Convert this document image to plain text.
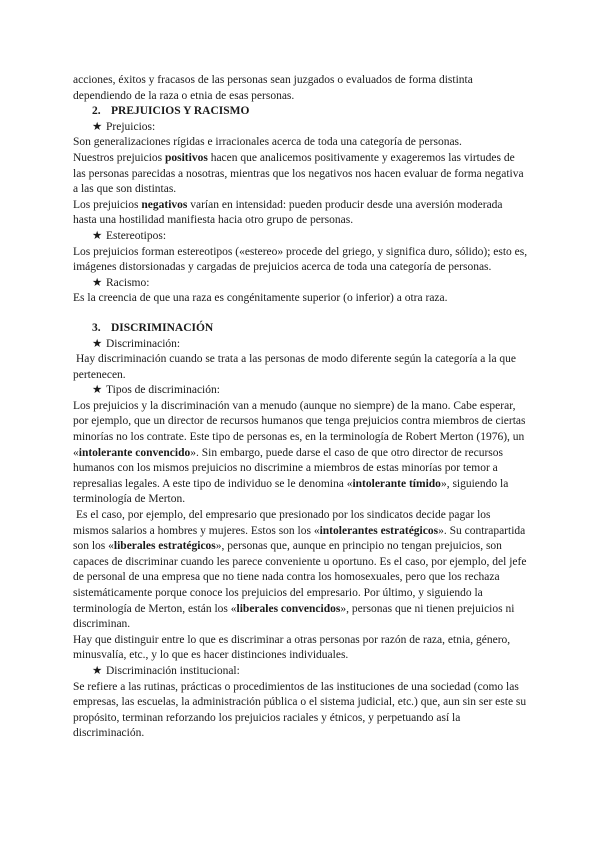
acciones, éxitos y fracasos de las personas sean juzgados o evaluados de forma distinta dependiendo de la raza o etnia de esas personas.

2. PREJUICIOS Y RACISMO

★ Prejuicios:

Son generalizaciones rígidas e irracionales acerca de toda una categoría de personas.

Nuestros prejuicios positivos hacen que analicemos positivamente y exageremos las virtudes de las personas parecidas a nosotras, mientras que los negativos nos hacen evaluar de forma negativa a las que son distintas.

Los prejuicios negativos varían en intensidad: pueden producir desde una aversión moderada hasta una hostilidad manifiesta hacia otro grupo de personas.

★ Estereotipos:

Los prejuicios forman estereotipos («estereo» procede del griego, y significa duro, sólido); esto es, imágenes distorsionadas y cargadas de prejuicios acerca de toda una categoría de personas.

★ Racismo:

Es la creencia de que una raza es congénitamente superior (o inferior) a otra raza.

3. DISCRIMINACIÓN

★ Discriminación:

Hay discriminación cuando se trata a las personas de modo diferente según la categoría a la que pertenecen.

★ Tipos de discriminación:

Los prejuicios y la discriminación van a menudo (aunque no siempre) de la mano. Cabe esperar, por ejemplo, que un director de recursos humanos que tenga prejuicios contra miembros de ciertas minorías no los contrate. Este tipo de personas es, en la terminología de Robert Merton (1976), un «intolerante convencido». Sin embargo, puede darse el caso de que otro director de recursos humanos con los mismos prejuicios no discrimine a miembros de estas minorías por temor a represalias legales. A este tipo de individuo se le denomina «intolerante tímido», siguiendo la terminología de Merton.

Es el caso, por ejemplo, del empresario que presionado por los sindicatos decide pagar los mismos salarios a hombres y mujeres. Estos son los «intolerantes estratégicos». Su contrapartida son los «liberales estratégicos», personas que, aunque en principio no tengan prejuicios, son capaces de discriminar cuando les parece conveniente u oportuno. Es el caso, por ejemplo, del jefe de personal de una empresa que no tiene nada contra los homosexuales, pero que los rechaza sistemáticamente porque conoce los prejuicios del empresario. Por último, y siguiendo la terminología de Merton, están los «liberales convencidos», personas que ni tienen prejuicios ni discriminan.

Hay que distinguir entre lo que es discriminar a otras personas por razón de raza, etnia, género, minusvalía, etc., y lo que es hacer distinciones individuales.

★ Discriminación institucional:

Se refiere a las rutinas, prácticas o procedimientos de las instituciones de una sociedad (como las empresas, las escuelas, la administración pública o el sistema judicial, etc.) que, aun sin ser este su propósito, terminan reforzando los prejuicios raciales y étnicos, y perpetuando así la discriminación.
